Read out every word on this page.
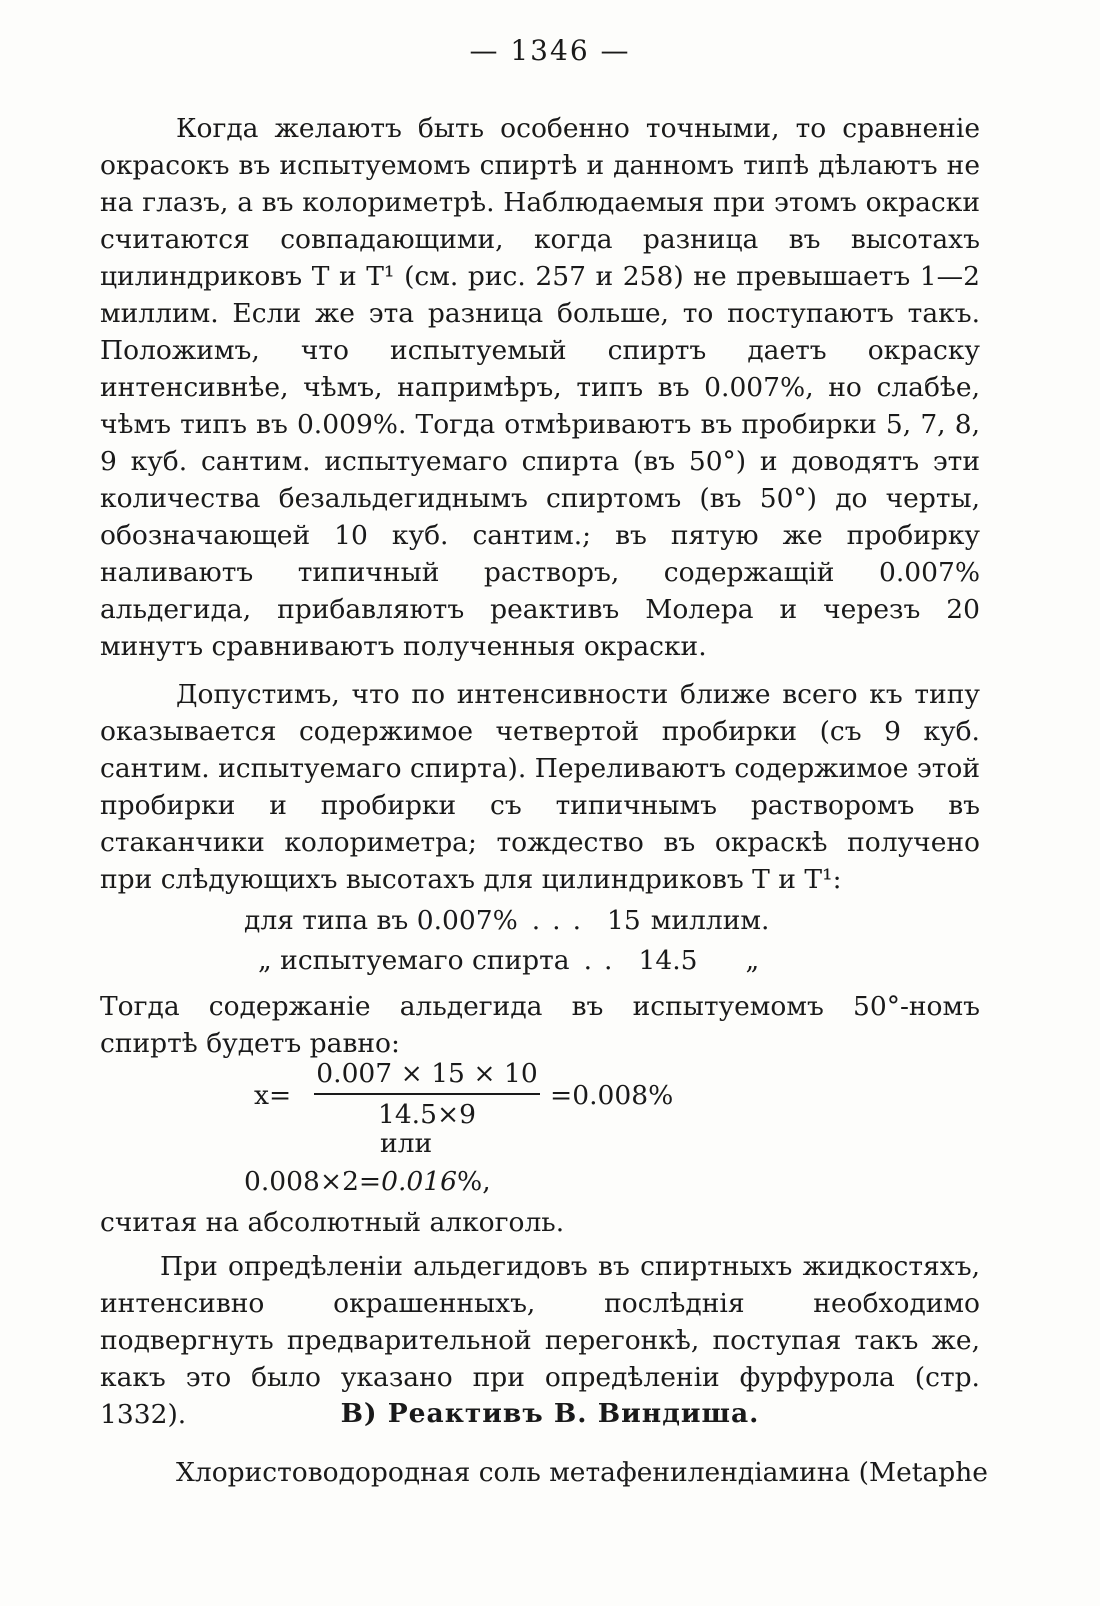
— 1346 —

Когда желаютъ быть особенно точными, то сравненіе окрасокъ въ испытуемомъ спиртѣ и данномъ типѣ дѣлаютъ не на глазъ, а въ колориметрѣ. Наблюдаемыя при этомъ окраски считаются совпадающими, когда разница въ высотахъ цилиндриковъ T и T¹ (см. рис. 257 и 258) не превышаетъ 1—2 миллим. Если же эта разница больше, то поступаютъ такъ. Положимъ, что испытуемый спиртъ даетъ окраску интенсивнѣе, чѣмъ, напримѣръ, типъ въ 0.007%, но слабѣе, чѣмъ типъ въ 0.009%. Тогда отмѣриваютъ въ пробирки 5, 7, 8, 9 куб. сантим. испытуемаго спирта (въ 50°) и доводятъ эти количества безальдегиднымъ спиртомъ (въ 50°) до черты, обозначающей 10 куб. сантим.; въ пятую же пробирку наливаютъ типичный растворъ, содержащій 0.007% альдегида, прибавляютъ реактивъ Молера и черезъ 20 минутъ сравниваютъ полученныя окраски.

Допустимъ, что по интенсивности ближе всего къ типу оказывается содержимое четвертой пробирки (съ 9 куб. сантим. испытуемаго спирта). Переливаютъ содержимое этой пробирки и пробирки съ типичнымъ растворомъ въ стаканчики колориметра; тождество въ окраскѣ получено при слѣдующихъ высотахъ для цилиндриковъ T и T¹:

для типа въ 0.007% ... 15 миллим.
„ испытуемаго спирта .. 14.5 „

Тогда содержаніе альдегида въ испытуемомъ 50°-номъ спиртѣ будетъ равно:

$x= \frac{0.007 \times 15 \times 10}{14.5\times 9} =0.008\%$
или
0.008×2=0.016%,
считая на абсолютный алкоголь.

При опредѣленіи альдегидовъ въ спиртныхъ жидкостяхъ, интенсивно окрашенныхъ, послѣднія необходимо подвергнуть предварительной перегонкѣ, поступая такъ же, какъ это было указано при опредѣленіи фурфурола (стр. 1332).	B) Реактивъ В. Виндиша.
Хлористоводородная соль метафенилендіамина (Metaphe
